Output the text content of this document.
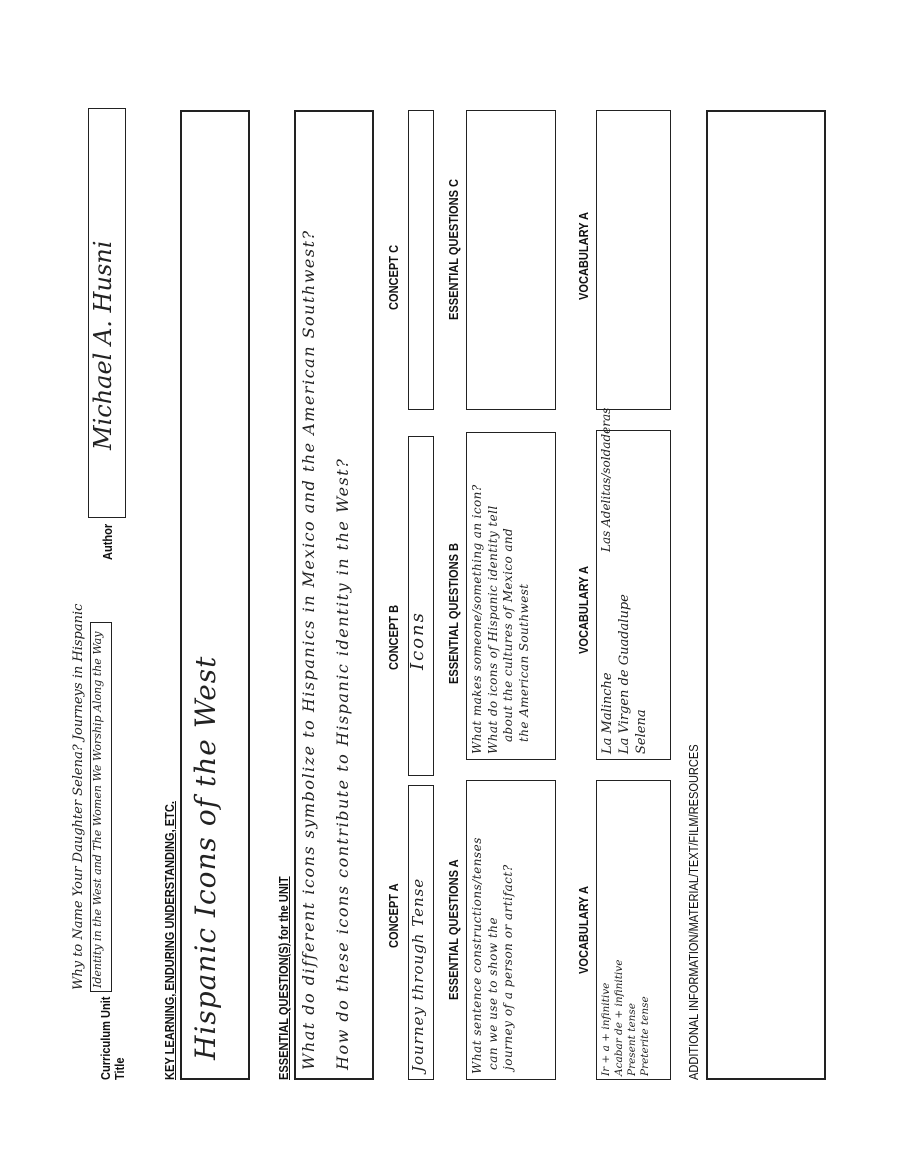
Curriculum Unit Title
Why to Name Your Daughter Selena? Journeys in Hispanic Identity in the West and The Women We Worship Along the Way
Author
Michael A. Husni
KEY LEARNING, ENDURING UNDERSTANDING, ETC. Hispanic Icons of the West	ESSENTIAL QUESTION(S) for the UNIT What do different icons symbolize to Hispanics in Mexico and the American Southwest? How do these icons contribute to Hispanic identity in the West?	CONCEPT A
CONCEPT B
CONCEPT C
Journey through Tense
Icons
ESSENTIAL QUESTIONS A
ESSENTIAL QUESTIONS B
ESSENTIAL QUESTIONS C
What sentence constructions/tenses can we use to show the journey of a person or artifact?
What makes someone/something an icon? What do icons of Hispanic identity tell about the cultures of Mexico and the American Southwest
VOCABULARY A
VOCABULARY A
VOCABULARY A
Ir + a + infinitive Acabar de + infinitive Present tense Preterite tense
La Malinche La Virgen de Guadalupe Selena
Las Adelitas/soldaderas
ADDITIONAL INFORMATION/MATERIAL/TEXT/FILM/RESOURCES
